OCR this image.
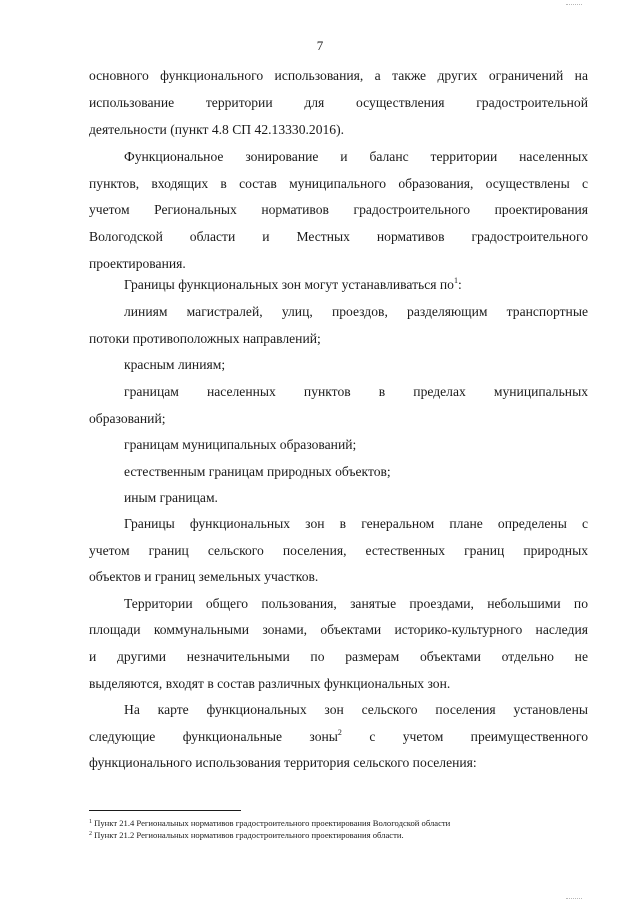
7
основного функционального использования, а также других ограничений на
использование территории для осуществления градостроительной
деятельности (пункт 4.8 СП 42.13330.2016).
Функциональное зонирование и баланс территории населенных
пунктов, входящих в состав муниципального образования, осуществлены с
учетом Региональных нормативов градостроительного проектирования
Вологодской области и Местных нормативов градостроительного
проектирования.
Границы функциональных зон могут устанавливаться $по^1$:
линиям магистралей, улиц, проездов, разделяющим транспортные
потоки противоположных направлений;
красным линиям;
границам населенных пунктов в пределах муниципальных
образований;
границам муниципальных образований;
естественным границам природных объектов;
иным границам.
Границы функциональных зон в генеральном плане определены с
учетом границ сельского поселения, естественных границ природных
объектов и границ земельных участков.
Территории общего пользования, занятые проездами, небольшими по
площади коммунальными зонами, объектами историко-культурного наследия
и другими незначительными по размерам объектами отдельно не
выделяются, входят в состав различных функциональных зон.
На карте функциональных зон сельского поселения установлены
следующие функциональные зоны$^2$ с учетом преимущественного
функционального использования территория сельского поселения:
$^1$ Пункт 21.4 Региональных нормативов градостроительного проектирования Вологодской области
$^2$ Пункт 21.2 Региональных нормативов градостроительного проектирования области.
